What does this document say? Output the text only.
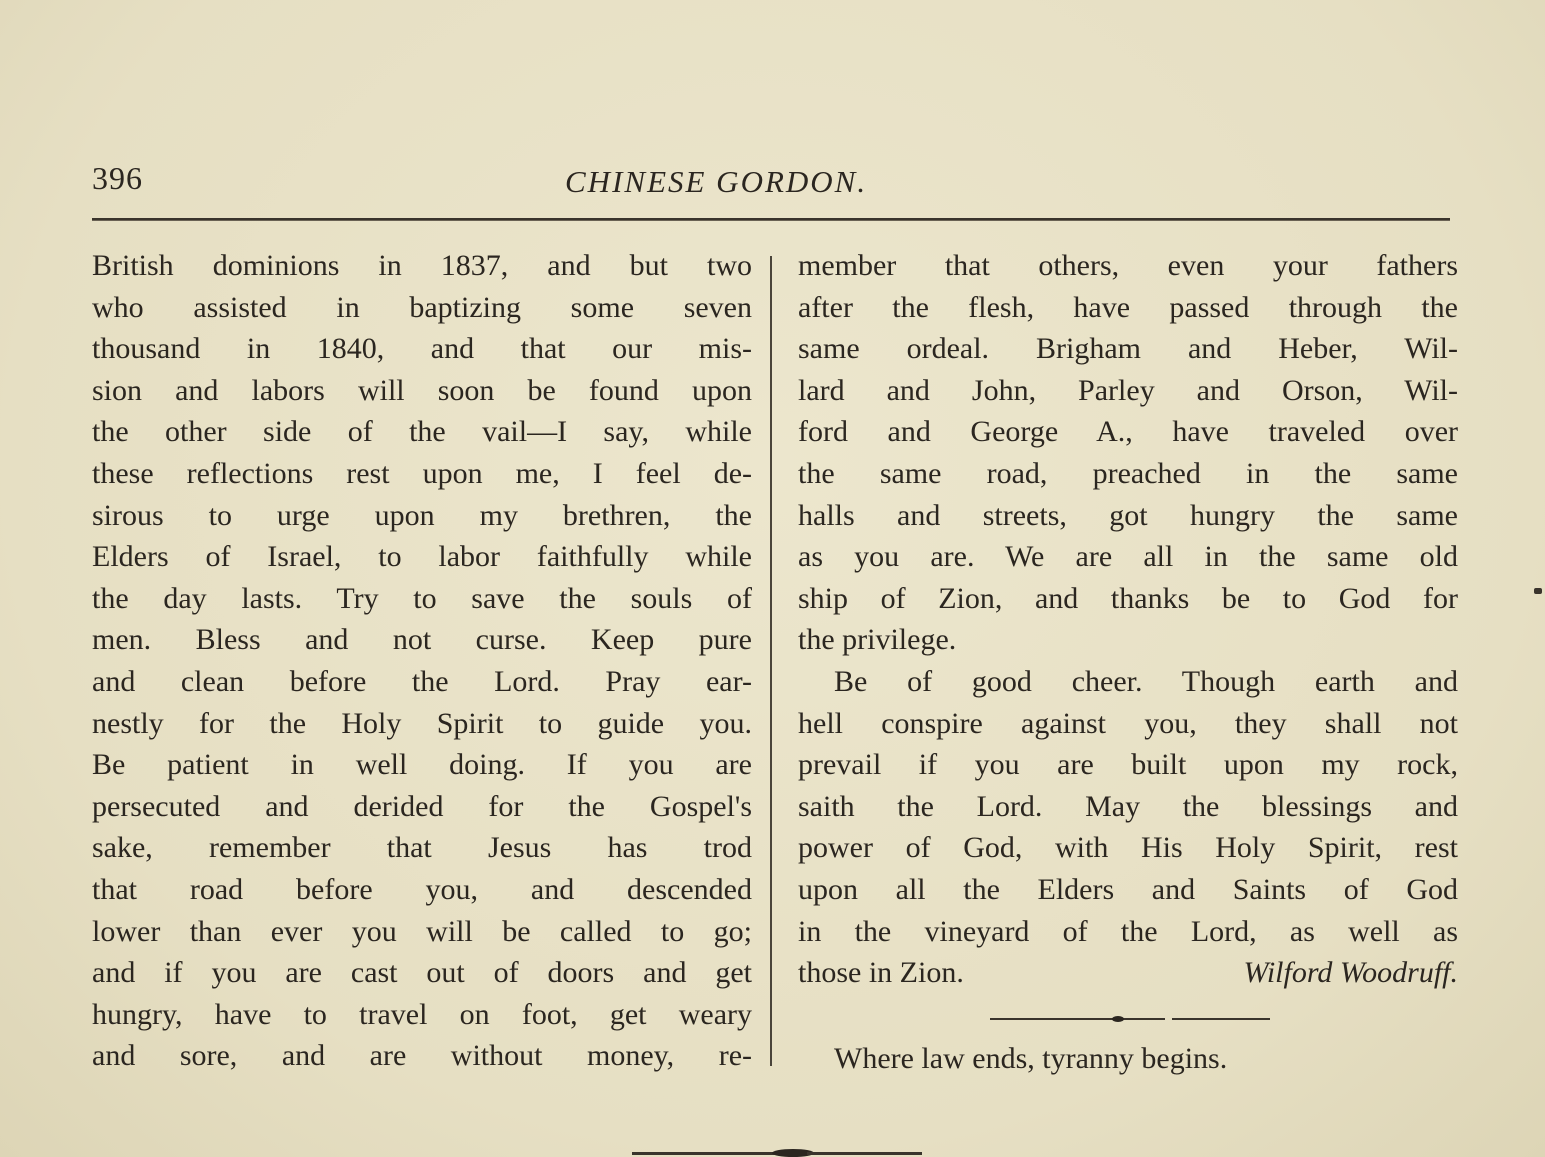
396	CHINESE GORDON.
British dominions in 1837, and but two
who assisted in baptizing some seven
thousand in 1840, and that our mis-
sion and labors will soon be found upon
the other side of the vail—I say, while
these reflections rest upon me, I feel de-
sirous to urge upon my brethren, the
Elders of Israel, to labor faithfully while
the day lasts. Try to save the souls of
men. Bless and not curse. Keep pure
and clean before the Lord. Pray ear-
nestly for the Holy Spirit to guide you.
Be patient in well doing. If you are
persecuted and derided for the Gospel's
sake, remember that Jesus has trod
that road before you, and descended
lower than ever you will be called to go;
and if you are cast out of doors and get
hungry, have to travel on foot, get weary
and sore, and are without money, re-
member that others, even your fathers
after the flesh, have passed through the
same ordeal. Brigham and Heber, Wil-
lard and John, Parley and Orson, Wil-
ford and George A., have traveled over
the same road, preached in the same
halls and streets, got hungry the same
as you are. We are all in the same old
ship of Zion, and thanks be to God for
the privilege.
Be of good cheer. Though earth and
hell conspire against you, they shall not
prevail if you are built upon my rock,
saith the Lord. May the blessings and
power of God, with His Holy Spirit, rest
upon all the Elders and Saints of God
in the vineyard of the Lord, as well as
those in Zion.	Wilford Woodruff.
Where law ends, tyranny begins.
